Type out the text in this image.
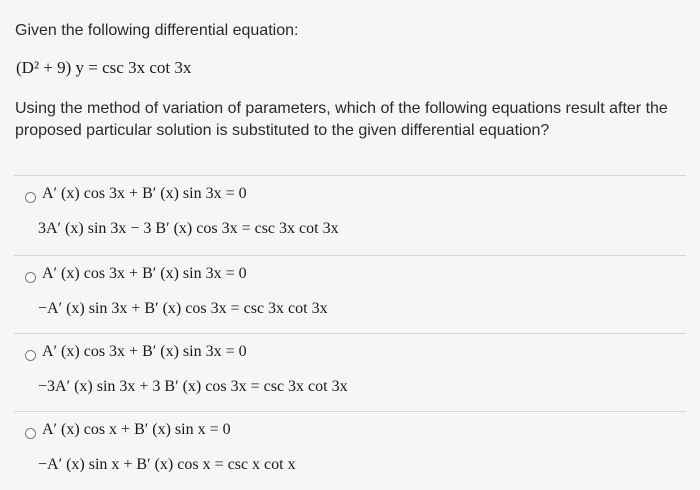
Given the following differential equation:
(D² + 9) y = csc 3x cot 3x
Using the method of variation of parameters, which of the following equations result after the proposed particular solution is substituted to the given differential equation?
A′ (x) cos 3x + B′ (x) sin 3x = 0
3A′ (x) sin 3x − 3 B′ (x) cos 3x = csc 3x cot 3x
A′ (x) cos 3x + B′ (x) sin 3x = 0
−A′ (x) sin 3x + B′ (x) cos 3x = csc 3x cot 3x
A′ (x) cos 3x + B′ (x) sin 3x = 0
−3A′ (x) sin 3x + 3 B′ (x) cos 3x = csc 3x cot 3x
A′ (x) cos x + B′ (x) sin x = 0
−A′ (x) sin x + B′ (x) cos x = csc x cot x
